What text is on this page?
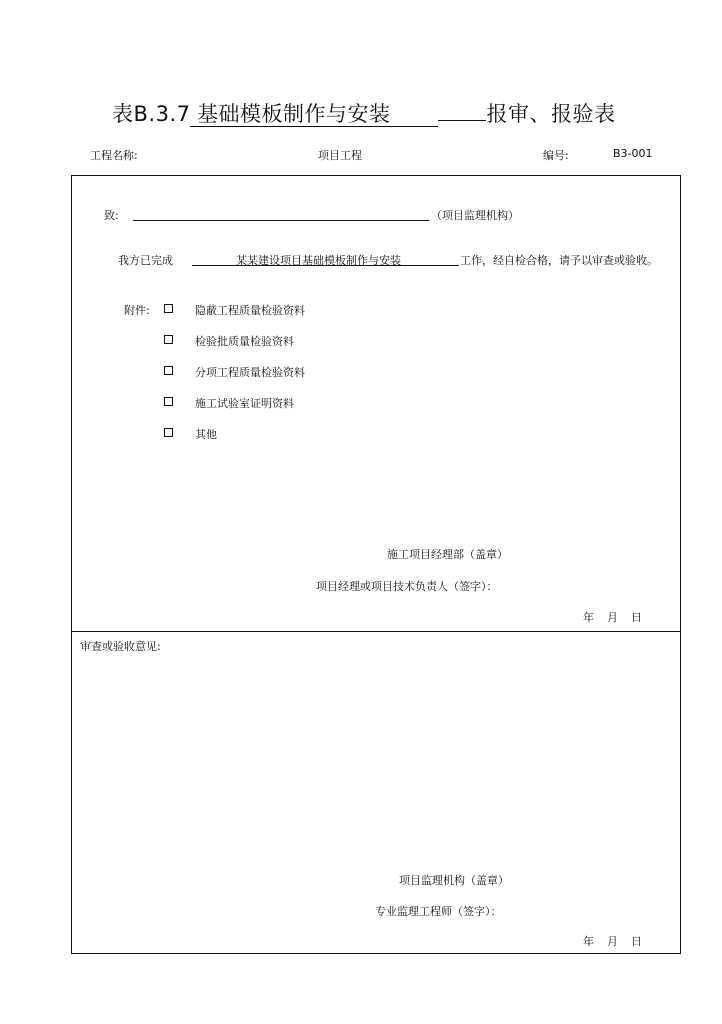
表B.3.7 基础模板制作与安装	报审、报验表
工程名称:	项目工程	编号:	B3-001
致:	（项目监理机构）
我方已完成	某某建设项目基础模板制作与安装	工作，经自检合格，请予以审查或验收。
附件:	隐蔽工程质量检验资料
检验批质量检验资料
分项工程质量检验资料
施工试验室证明资料
其他
施工项目经理部（盖章）
项目经理或项目技术负责人（签字）：
年 月 日
审查或验收意见:
项目监理机构（盖章）
专业监理工程师（签字）：
年 月 日
